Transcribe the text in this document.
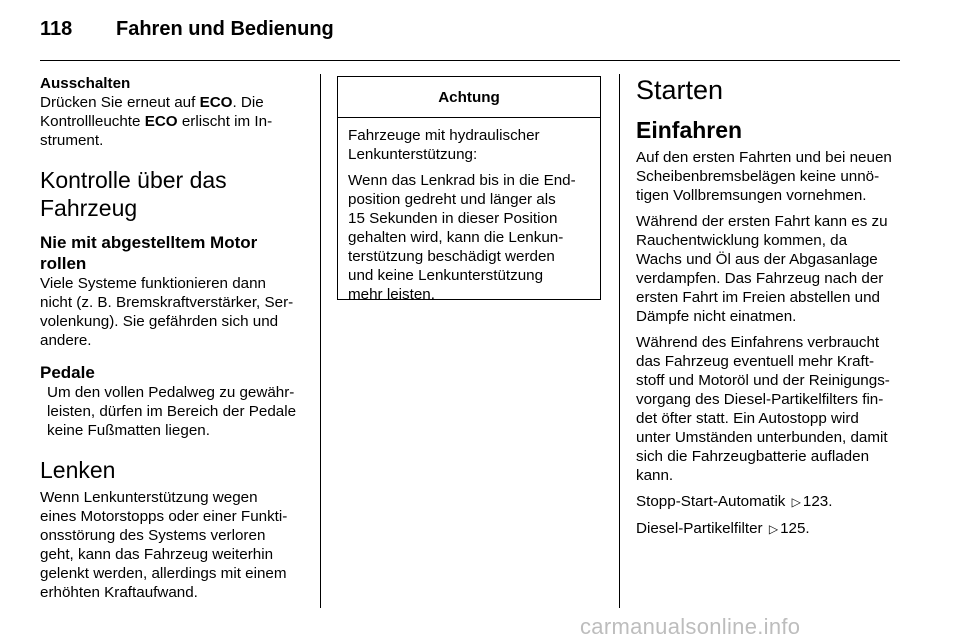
118 Fahren und Bedienung
Ausschalten
Drücken Sie erneut auf ECO. Die
Kontrollleuchte ECO erlischt im In-
strument.
Kontrolle über das
Fahrzeug
Nie mit abgestelltem Motor
rollen

Viele Systeme funktionieren dann
nicht (z. B. Bremskraftverstärker, Ser-
volenkung). Sie gefährden sich und
andere.

Pedale

Um den vollen Pedalweg zu gewähr-
leisten, dürfen im Bereich der Pedale
keine Fußmatten liegen.

Lenken

Wenn Lenkunterstützung wegen
eines Motorstopps oder einer Funkti-
onsstörung des Systems verloren
geht, kann das Fahrzeug weiterhin
gelenkt werden, allerdings mit einem
erhöhten Kraftaufwand.

Achtung

Fahrzeuge mit hydraulischer
Lenkunterstützung:

Wenn das Lenkrad bis in die End-
position gedreht und länger als
15 Sekunden in dieser Position
gehalten wird, kann die Lenkun-
terstützung beschädigt werden
und keine Lenkunterstützung
mehr leisten.

Starten
Einfahren

Auf den ersten Fahrten und bei neuen
Scheibenbremsbelägen keine unnö-
tigen Vollbremsungen vornehmen.

Während der ersten Fahrt kann es zu
Rauchentwicklung kommen, da
Wachs und Öl aus der Abgasanlage
verdampfen. Das Fahrzeug nach der
ersten Fahrt im Freien abstellen und
Dämpfe nicht einatmen.

Während des Einfahrens verbraucht
das Fahrzeug eventuell mehr Kraft-
stoff und Motoröl und der Reinigungs-
vorgang des Diesel-Partikelfilters fin-
det öfter statt. Ein Autostopp wird
unter Umständen unterbunden, damit
sich die Fahrzeugbatterie aufladen
kann.

Stopp-Start-Automatik ▷ 123.

Diesel-Partikelfilter ▷ 125.

carmanualsonline.info
